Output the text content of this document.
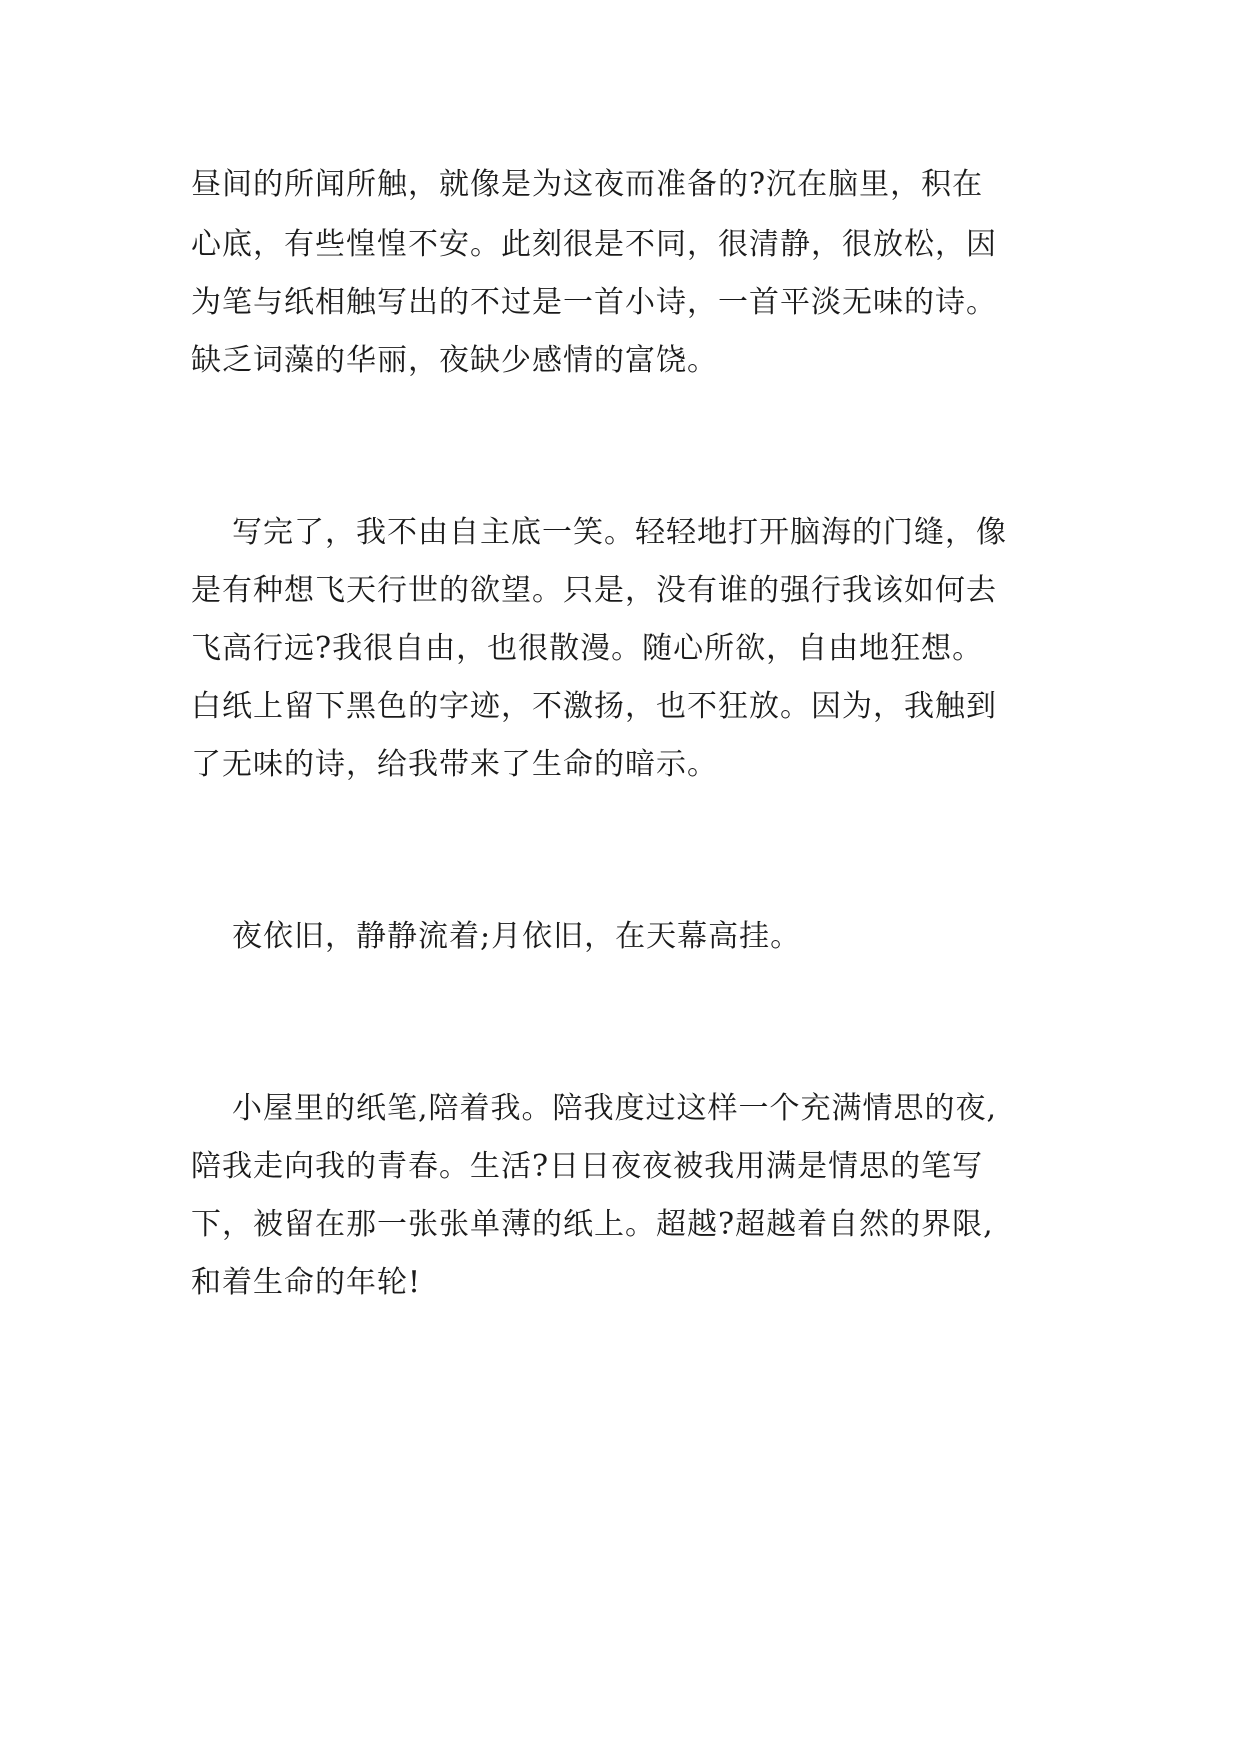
昼间的所闻所触，就像是为这夜而准备的?沉在脑里，积在
心底，有些惶惶不安。此刻很是不同，很清静，很放松，因
为笔与纸相触写出的不过是一首小诗，一首平淡无味的诗。
缺乏词藻的华丽，夜缺少感情的富饶。
写完了，我不由自主底一笑。轻轻地打开脑海的门缝，像
是有种想飞天行世的欲望。只是，没有谁的强行我该如何去
飞高行远?我很自由，也很散漫。随心所欲，自由地狂想。
白纸上留下黑色的字迹，不激扬，也不狂放。因为，我触到
了无味的诗，给我带来了生命的暗示。
夜依旧，静静流着;月依旧，在天幕高挂。
小屋里的纸笔,陪着我。陪我度过这样一个充满情思的夜,
陪我走向我的青春。生活?日日夜夜被我用满是情思的笔写
下，被留在那一张张单薄的纸上。超越?超越着自然的界限,
和着生命的年轮!
